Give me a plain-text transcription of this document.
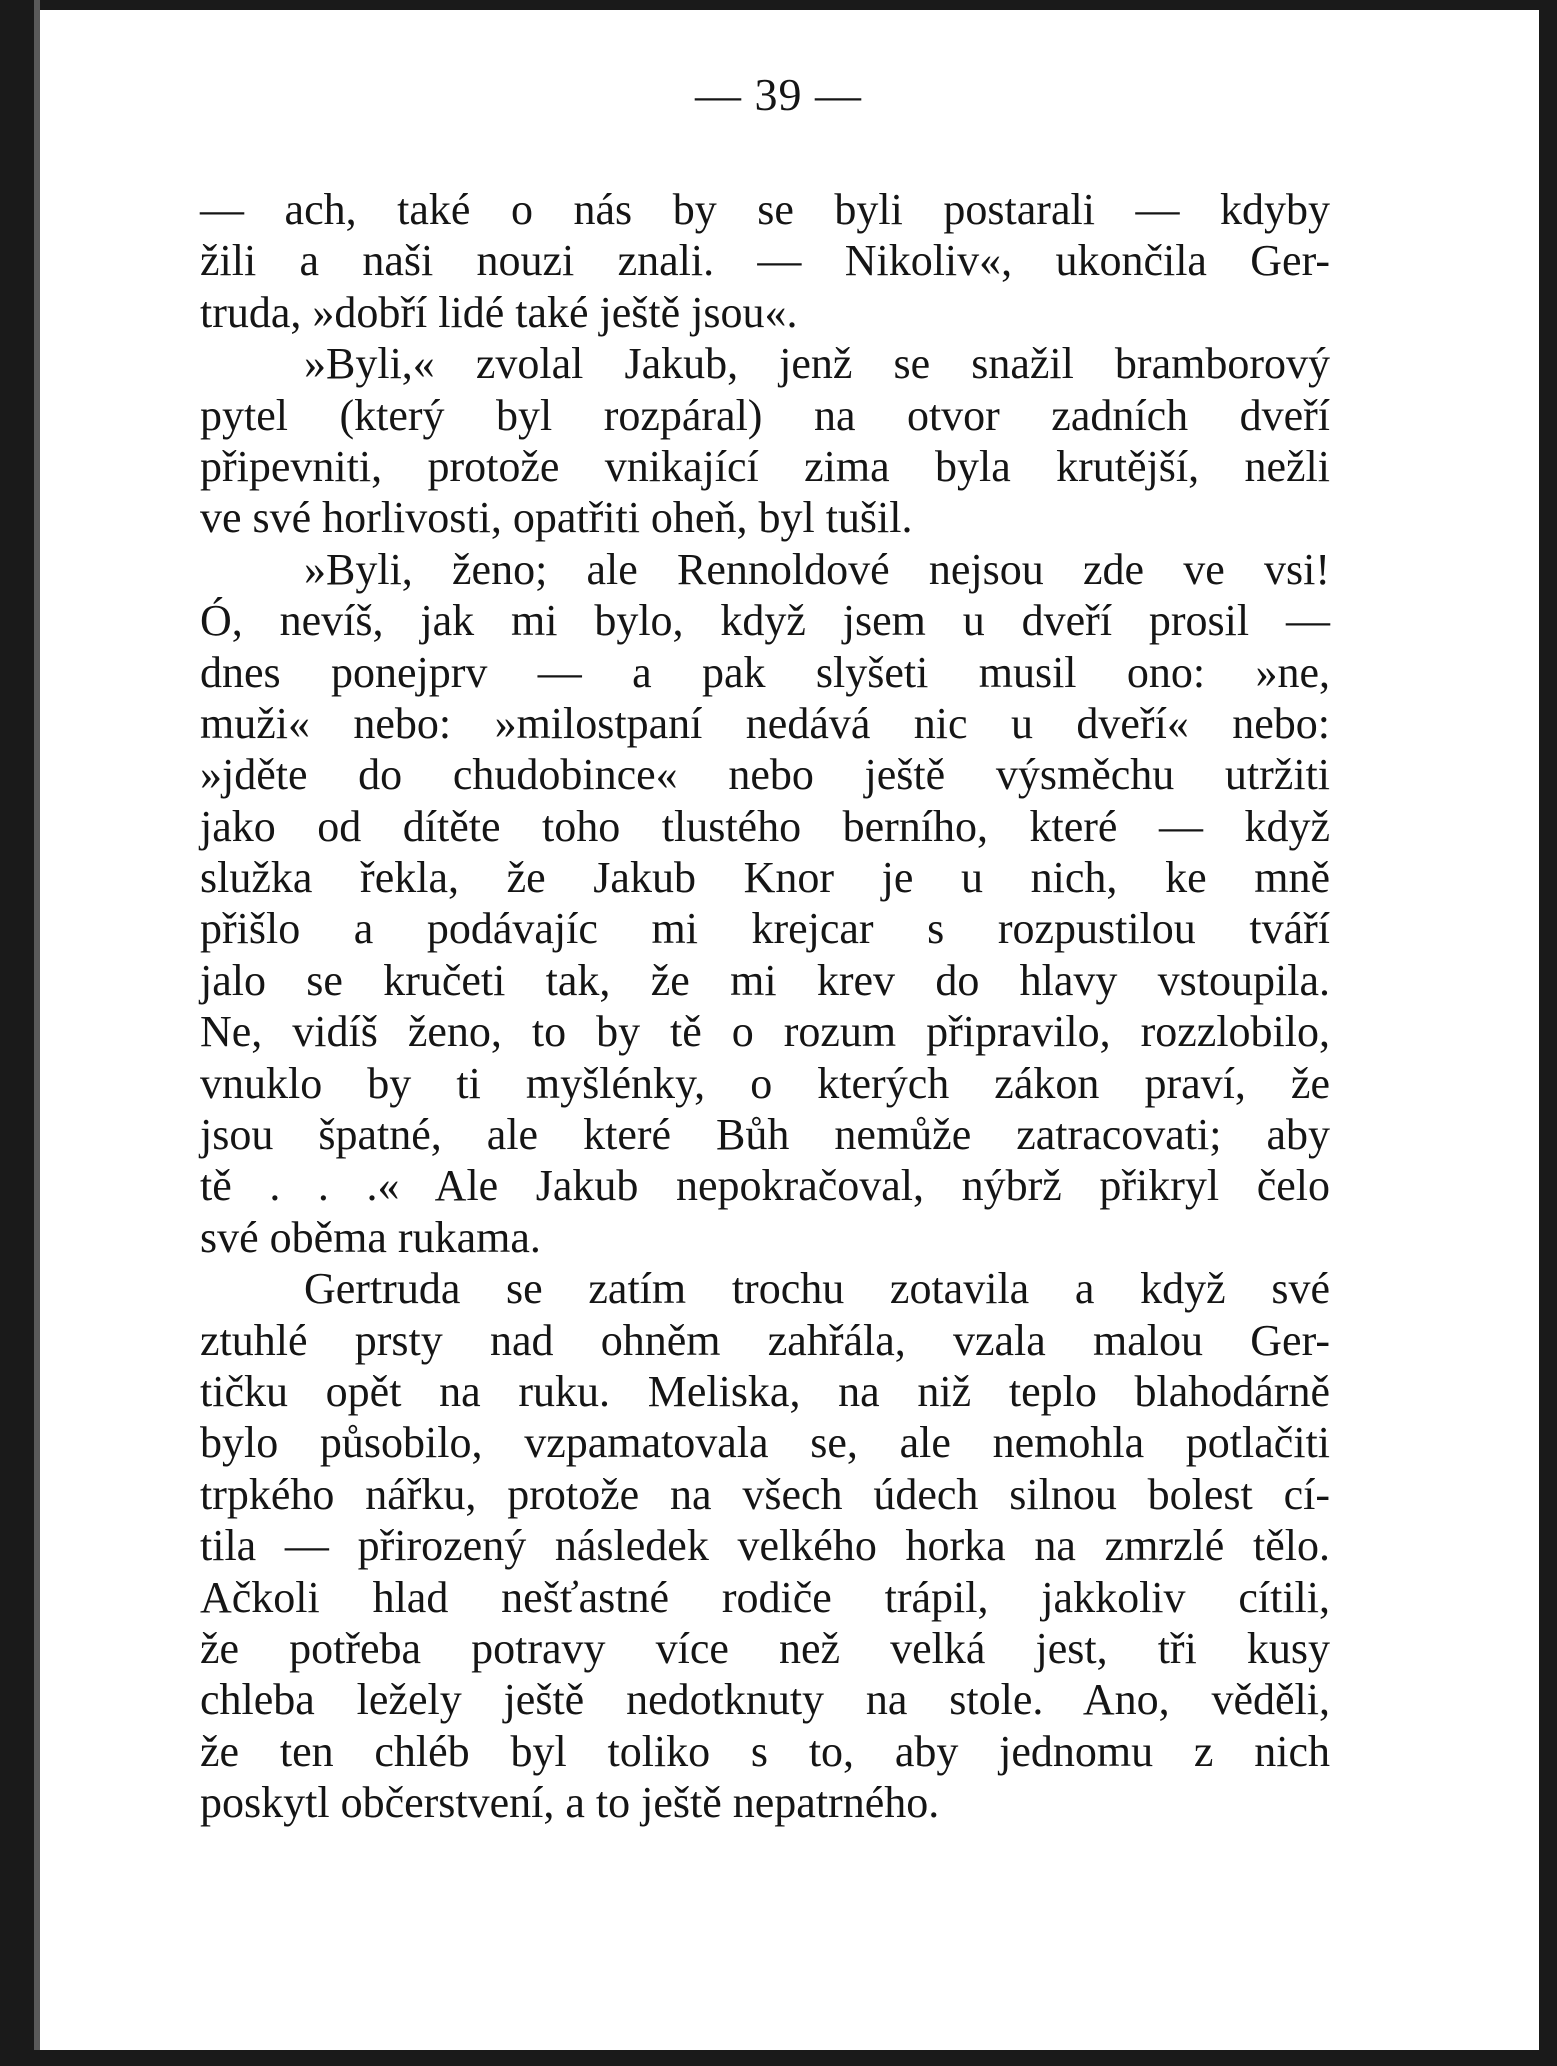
— 39 —
— ach, také o nás by se byli postarali — kdyby
žili a naši nouzi znali. — Nikoliv«, ukončila Ger-
truda, »dobří lidé také ještě jsou«.
»Byli,« zvolal Jakub, jenž se snažil bramborový
pytel (který byl rozpáral) na otvor zadních dveří
připevniti, protože vnikající zima byla krutější, nežli
ve své horlivosti, opatřiti oheň, byl tušil.
»Byli, ženo; ale Rennoldové nejsou zde ve vsi!
Ó, nevíš, jak mi bylo, když jsem u dveří prosil —
dnes ponejprv — a pak slyšeti musil ono: »ne,
muži« nebo: »milostpaní nedává nic u dveří« nebo:
»jděte do chudobince« nebo ještě výsměchu utržiti
jako od dítěte toho tlustého berního, které — když
služka řekla, že Jakub Knor je u nich, ke mně
přišlo a podávajíc mi krejcar s rozpustilou tváří
jalo se kručeti tak, že mi krev do hlavy vstoupila.
Ne, vidíš ženo, to by tě o rozum připravilo, rozzlobilo,
vnuklo by ti myšlénky, o kterých zákon praví, že
jsou špatné, ale které Bůh nemůže zatracovati; aby
tě . . .« Ale Jakub nepokračoval, nýbrž přikryl čelo
své oběma rukama.
Gertruda se zatím trochu zotavila a když své
ztuhlé prsty nad ohněm zahřála, vzala malou Ger-
tičku opět na ruku. Meliska, na niž teplo blahodárně
bylo působilo, vzpamatovala se, ale nemohla potlačiti
trpkého nářku, protože na všech údech silnou bolest cí-
tila — přirozený následek velkého horka na zmrzlé tělo.
Ačkoli hlad nešťastné rodiče trápil, jakkoliv cítili,
že potřeba potravy více než velká jest, tři kusy
chleba ležely ještě nedotknuty na stole. Ano, věděli,
že ten chléb byl toliko s to, aby jednomu z nich
poskytl občerstvení, a to ještě nepatrného.
